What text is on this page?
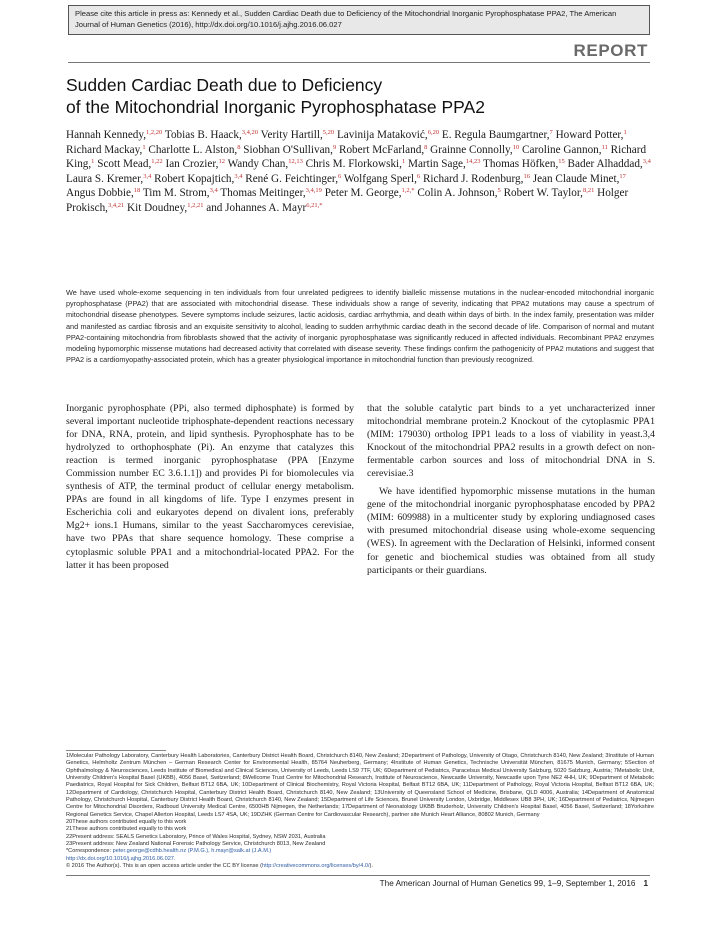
Please cite this article in press as: Kennedy et al., Sudden Cardiac Death due to Deficiency of the Mitochondrial Inorganic Pyrophosphatase PPA2, The American Journal of Human Genetics (2016), http://dx.doi.org/10.1016/j.ajhg.2016.06.027
REPORT
Sudden Cardiac Death due to Deficiency
of the Mitochondrial Inorganic Pyrophosphatase PPA2

Hannah Kennedy,$^{1,2,20}$ Tobias B. Haack,$^{3,4,20}$ Verity Hartill,$^{5,20}$ Lavinija Mataković,$^{6,20}$ E. Regula Baumgartner,$^7$ Howard Potter,$^1$ Richard Mackay,$^1$ Charlotte L. Alston,$^8$ Siobhan O'Sullivan,$^9$ Robert McFarland,$^8$ Grainne Connolly,$^{10}$ Caroline Gannon,$^{11}$ Richard King,$^1$ Scott Mead,$^{1,22}$ Ian Crozier,$^{12}$ Wandy Chan,$^{12,13}$ Chris M. Florkowski,$^1$ Martin Sage,$^{14,23}$ Thomas Höfken,$^{15}$ Bader Alhaddad,$^{3,4}$ Laura S. Kremer,$^{3,4}$ Robert Kopajtich,$^{3,4}$ René G. Feichtinger,$^6$ Wolfgang Sperl,$^6$ Richard J. Rodenburg,$^{16}$ Jean Claude Minet,$^{17}$ Angus Dobbie,$^{18}$ Tim M. Strom,$^{3,4}$ Thomas Meitinger,$^{3,4,19}$ Peter M. George,$^{1,2,*}$ Colin A. Johnson,$^5$ Robert W. Taylor,$^{8,21}$ Holger Prokisch,$^{3,4,21}$ Kit Doudney,$^{1,2,21}$ and Johannes A. Mayr$^{6,21,*}$

We have used whole-exome sequencing in ten individuals from four unrelated pedigrees to identify biallelic missense mutations in the nuclear-encoded mitochondrial inorganic pyrophosphatase (PPA2) that are associated with mitochondrial disease. These individuals show a range of severity, indicating that PPA2 mutations may cause a spectrum of mitochondrial disease phenotypes. Severe symptoms include seizures, lactic acidosis, cardiac arrhythmia, and death within days of birth. In the index family, presentation was milder and manifested as cardiac fibrosis and an exquisite sensitivity to alcohol, leading to sudden arrhythmic cardiac death in the second decade of life. Comparison of normal and mutant PPA2-containing mitochondria from fibroblasts showed that the activity of inorganic pyrophosphatase was significantly reduced in affected individuals. Recombinant PPA2 enzymes modeling hypomorphic missense mutations had decreased activity that correlated with disease severity. These findings confirm the pathogenicity of PPA2 mutations and suggest that PPA2 is a cardiomyopathy-associated protein, which has a greater physiological importance in mitochondrial function than previously recognized.

Inorganic pyrophosphate (PPi, also termed diphosphate) is formed by several important nucleotide triphosphate-dependent reactions necessary for DNA, RNA, protein, and lipid synthesis. Pyrophosphate has to be hydrolyzed to orthophosphate (Pi). An enzyme that catalyzes this reaction is termed inorganic pyrophosphatase (PPA [Enzyme Commission number EC 3.6.1.1]) and provides Pi for biomolecules via synthesis of ATP, the terminal product of cellular energy metabolism. PPAs are found in all kingdoms of life. Type I enzymes present in Escherichia coli and eukaryotes depend on divalent ions, preferably Mg2+ ions.1 Humans, similar to the yeast Saccharomyces cerevisiae, have two PPAs that share sequence homology. These comprise a cytoplasmic soluble PPA1 and a mitochondrial-located PPA2. For the latter it has been proposed

that the soluble catalytic part binds to a yet uncharacterized inner mitochondrial membrane protein.2 Knockout of the cytoplasmic PPA1 (MIM: 179030) ortholog IPP1 leads to a loss of viability in yeast.3,4 Knockout of the mitochondrial PPA2 results in a growth defect on non-fermentable carbon sources and loss of mitochondrial DNA in S. cerevisiae.3

We have identified hypomorphic missense mutations in the human gene of the mitochondrial inorganic pyrophosphatase encoded by PPA2 (MIM: 609988) in a multicenter study by exploring undiagnosed cases with presumed mitochondrial disease using whole-exome sequencing (WES). In agreement with the Declaration of Helsinki, informed consent for genetic and biochemical studies was obtained from all study participants or their guardians.

1Molecular Pathology Laboratory, Canterbury Health Laboratories, Canterbury District Health Board, Christchurch 8140, New Zealand; 2Department of Pathology, University of Otago, Christchurch 8140, New Zealand; 3Institute of Human Genetics, Helmholtz Zentrum München – German Research Center for Environmental Health, 85764 Neuherberg, Germany; 4Institute of Human Genetics, Technische Universität München, 81675 Munich, Germany; 5Section of Ophthalmology & Neurosciences, Leeds Institute of Biomedical and Clinical Sciences, University of Leeds, Leeds LS9 7TF, UK; 6Department of Pediatrics, Paracelsus Medical University Salzburg, 5020 Salzburg, Austria; 7Metabolic Unit, University Children's Hospital Basel (UKBB), 4056 Basel, Switzerland; 8Wellcome Trust Centre for Mitochondrial Research, Institute of Neuroscience, Newcastle University, Newcastle upon Tyne NE2 4HH, UK; 9Department of Metabolic Paediatrics, Royal Hospital for Sick Children, Belfast BT12 6BA, UK; 10Department of Clinical Biochemistry, Royal Victoria Hospital, Belfast BT12 6BA, UK; 11Department of Pathology, Royal Victoria Hospital, Belfast BT12 6BA, UK; 12Department of Cardiology, Christchurch Hospital, Canterbury District Health Board, Christchurch 8140, New Zealand; 13University of Queensland School of Medicine, Brisbane, QLD 4006, Australia; 14Department of Anatomical Pathology, Christchurch Hospital, Canterbury District Health Board, Christchurch 8140, New Zealand; 15Department of Life Sciences, Brunel University London, Uxbridge, Middlesex UB8 3PH, UK; 16Department of Pediatrics, Nijmegen Centre for Mitochondrial Disorders, Radboud University Medical Centre, 6500HB Nijmegen, the Netherlands; 17Department of Neonatology UKBB Bruderholz, University Children's Hospital Basel, 4056 Basel, Switzerland; 18Yorkshire Regional Genetics Service, Chapel Allerton Hospital, Leeds LS7 4SA, UK; 19DZHK (German Centre for Cardiovascular Research), partner site Munich Heart Alliance, 80802 Munich, Germany
20These authors contributed equally to this work
21These authors contributed equally to this work
22Present address: SEALS Genetics Laboratory, Prince of Wales Hospital, Sydney, NSW 2031, Australia
23Present address: New Zealand National Forensic Pathology Service, Christchurch 8013, New Zealand
*Correspondence: peter.george@cdhb.health.nz (P.M.G.), h.mayr@salk.at (J.A.M.)
http://dx.doi.org/10.1016/j.ajhg.2016.06.027.
© 2016 The Author(s). This is an open access article under the CC BY license (http://creativecommons.org/licenses/by/4.0/).
The American Journal of Human Genetics 99, 1–9, September 1, 2016 1
